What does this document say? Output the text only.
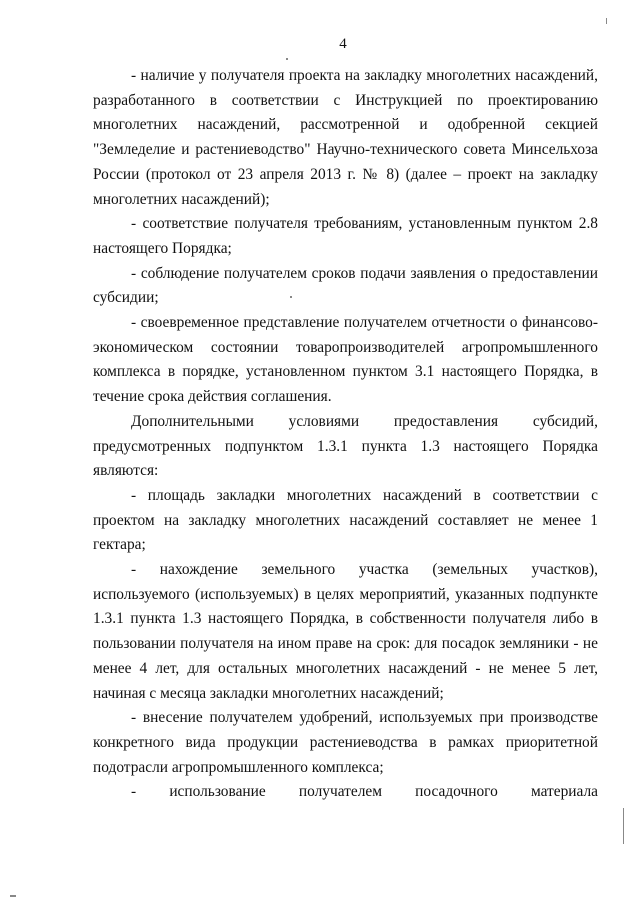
4

- наличие у получателя проекта на закладку многолетних насаждений, разработанного в соответствии с Инструкцией по проектированию многолетних насаждений, рассмотренной и одобренной секцией "Земледелие и растениеводство" Научно-технического совета Минсельхоза России (протокол от 23 апреля 2013 г. № 8) (далее – проект на закладку многолетних насаждений);

- соответствие получателя требованиям, установленным пунктом 2.8 настоящего Порядка;

- соблюдение получателем сроков подачи заявления о предоставлении субсидии;

- своевременное представление получателем отчетности о финансово-экономическом состоянии товаропроизводителей агропромышленного комплекса в порядке, установленном пунктом 3.1 настоящего Порядка, в течение срока действия соглашения.

Дополнительными условиями предоставления субсидий, предусмотренных подпунктом 1.3.1 пункта 1.3 настоящего Порядка являются:

- площадь закладки многолетних насаждений в соответствии с проектом на закладку многолетних насаждений составляет не менее 1 гектара;

- нахождение земельного участка (земельных участков), используемого (используемых) в целях мероприятий, указанных подпункте 1.3.1 пункта 1.3 настоящего Порядка, в собственности получателя либо в пользовании получателя на ином праве на срок: для посадок земляники - не менее 4 лет, для остальных многолетних насаждений - не менее 5 лет, начиная с месяца закладки многолетних насаждений;

- внесение получателем удобрений, используемых при производстве конкретного вида продукции растениеводства в рамках приоритетной подотрасли агропромышленного комплекса;

- использование получателем посадочного материала
